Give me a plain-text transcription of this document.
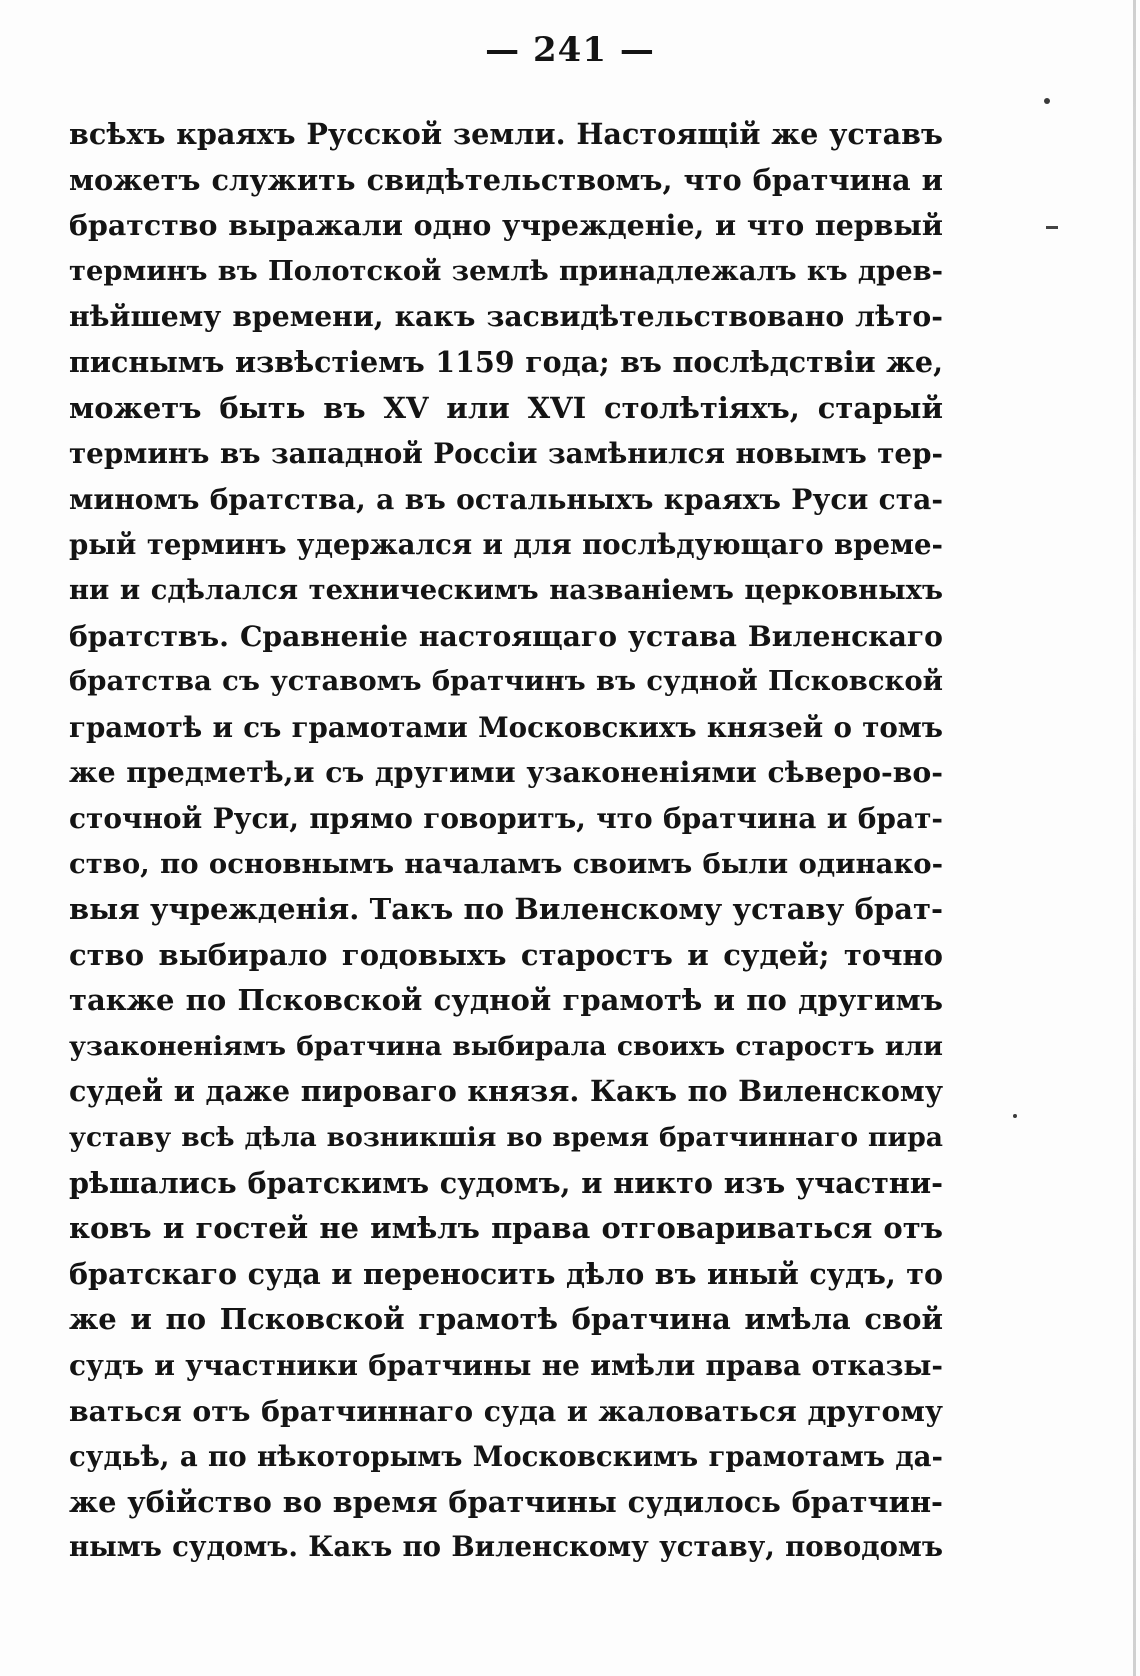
— 241 —
всѣхъ краяхъ Русской земли. Настоящій же уставъ
можетъ служить свидѣтельствомъ, что братчина и
братство выражали одно учрежденіе, и что первый
терминъ въ Полотской землѣ принадлежалъ къ древ-
нѣйшему времени, какъ засвидѣтельствовано лѣто-
писнымъ извѣстіемъ 1159 года; въ послѣдствіи же,
можетъ быть въ XV или XVI столѣтіяхъ, старый
терминъ въ западной Россіи замѣнился новымъ тер-
миномъ братства, а въ остальныхъ краяхъ Руси ста-
рый терминъ удержался и для послѣдующаго време-
ни и сдѣлался техническимъ названіемъ церковныхъ
братствъ. Сравненіе настоящаго устава Виленскаго
братства съ уставомъ братчинъ въ судной Псковской
грамотѣ и съ грамотами Московскихъ князей о томъ
же предметѣ,и съ другими узаконеніями сѣверо-во-
сточной Руси, прямо говоритъ, что братчина и брат-
ство, по основнымъ началамъ своимъ были одинако-
выя учрежденія. Такъ по Виленскому уставу брат-
ство выбирало годовыхъ старостъ и судей; точно
также по Псковской судной грамотѣ и по другимъ
узаконеніямъ братчина выбирала своихъ старостъ или
судей и даже пироваго князя. Какъ по Виленскому
уставу всѣ дѣла возникшія во время братчиннаго пира
рѣшались братскимъ судомъ, и никто изъ участни-
ковъ и гостей не имѣлъ права отговариваться отъ
братскаго суда и переносить дѣло въ иный судъ, то
же и по Псковской грамотѣ братчина имѣла свой
судъ и участники братчины не имѣли права отказы-
ваться отъ братчиннаго суда и жаловаться другому
судьѣ, а по нѣкоторымъ Московскимъ грамотамъ да-
же убійство во время братчины судилось братчин-
нымъ судомъ. Какъ по Виленскому уставу, поводомъ
